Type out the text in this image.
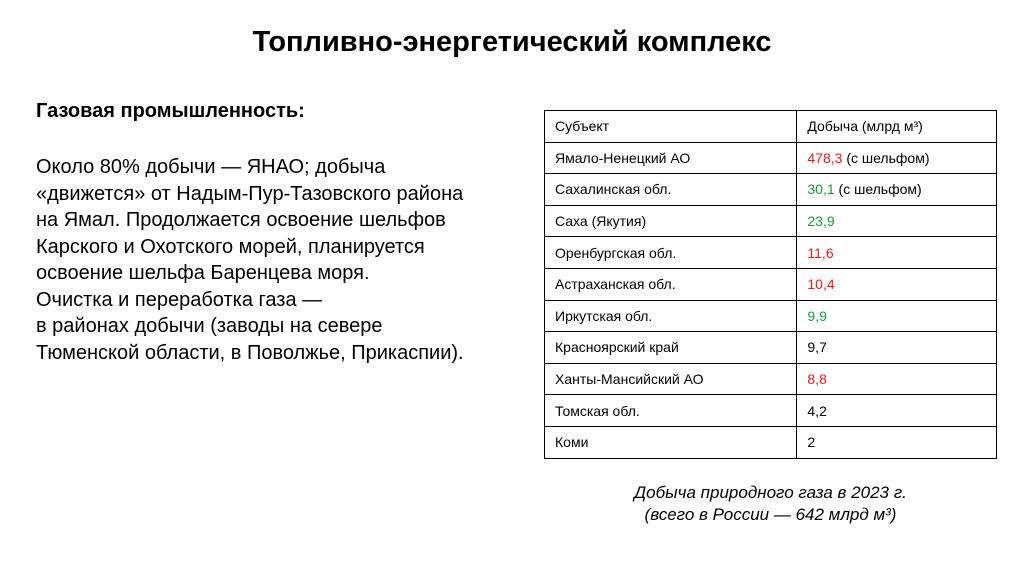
Топливно-энергетический комплекс
Газовая промышленность:
Около 80% добычи — ЯНАО; добыча
«движется» от Надым-Пур-Тазовского района
на Ямал. Продолжается освоение шельфов
Карского и Охотского морей, планируется
освоение шельфа Баренцева моря.
Очистка и переработка газа —
в районах добычи (заводы на севере
Тюменской области, в Поволжье, Прикаспии).
Субъект	Добыча (млрд м³)
Ямало-Ненецкий АО	478,3 (с шельфом)
Сахалинская обл.	30,1 (с шельфом)
Саха (Якутия)	23,9
Оренбургская обл.	11,6
Астраханская обл.	10,4
Иркутская обл.	9,9
Красноярский край	9,7
Ханты-Мансийский АО	8,8
Томская обл.	4,2
Коми	2
Добыча природного газа в 2023 г.
(всего в России — 642 млрд м³)
